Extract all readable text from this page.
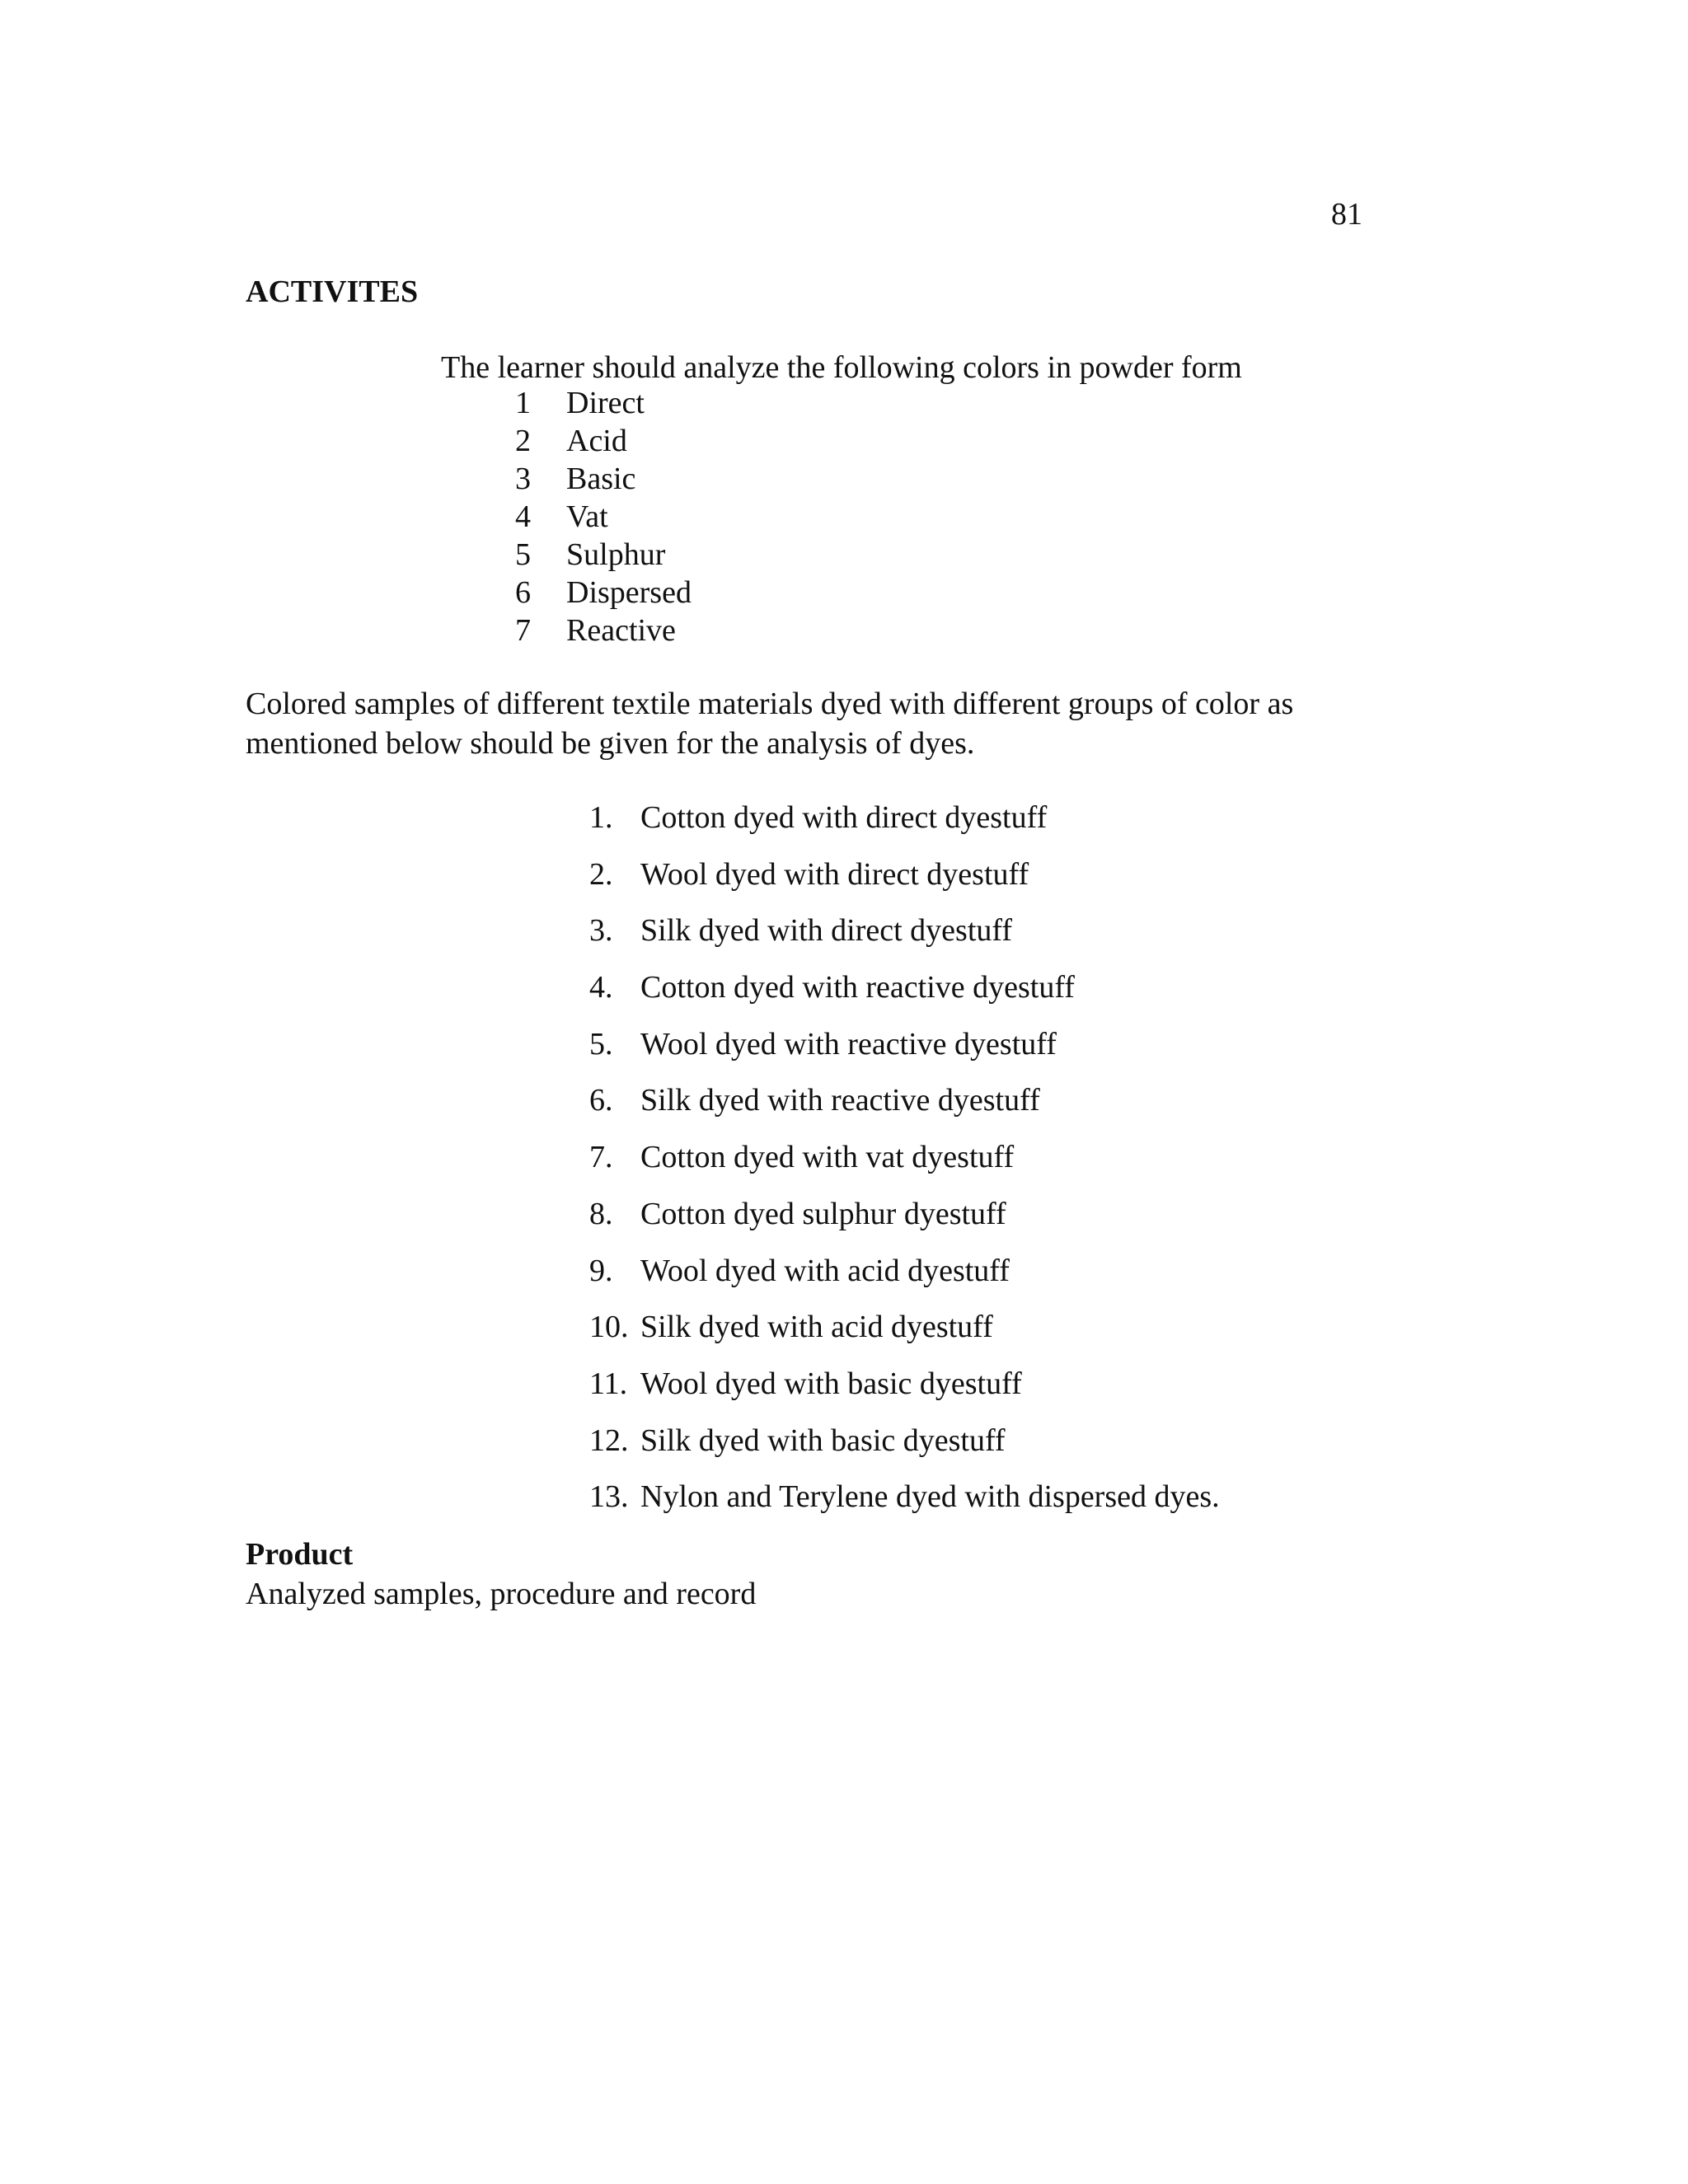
81
ACTIVITES
The learner should analyze the following colors in powder form
1	Direct
2	Acid
3	Basic
4	Vat
5	Sulphur
6	Dispersed
7	Reactive
Colored samples of different textile materials dyed with different groups of color as mentioned below should be given for the analysis of dyes.
1. Cotton dyed with direct dyestuff
2. Wool dyed with direct dyestuff
3. Silk dyed with direct dyestuff
4. Cotton dyed with reactive dyestuff
5. Wool dyed with reactive dyestuff
6. Silk dyed with reactive dyestuff
7. Cotton dyed with vat dyestuff
8. Cotton dyed sulphur dyestuff
9. Wool dyed with acid dyestuff
10. Silk dyed with acid dyestuff
11. Wool dyed with basic dyestuff
12. Silk dyed with basic dyestuff
13. Nylon and Terylene dyed with dispersed dyes.
Product
Analyzed samples, procedure and record
